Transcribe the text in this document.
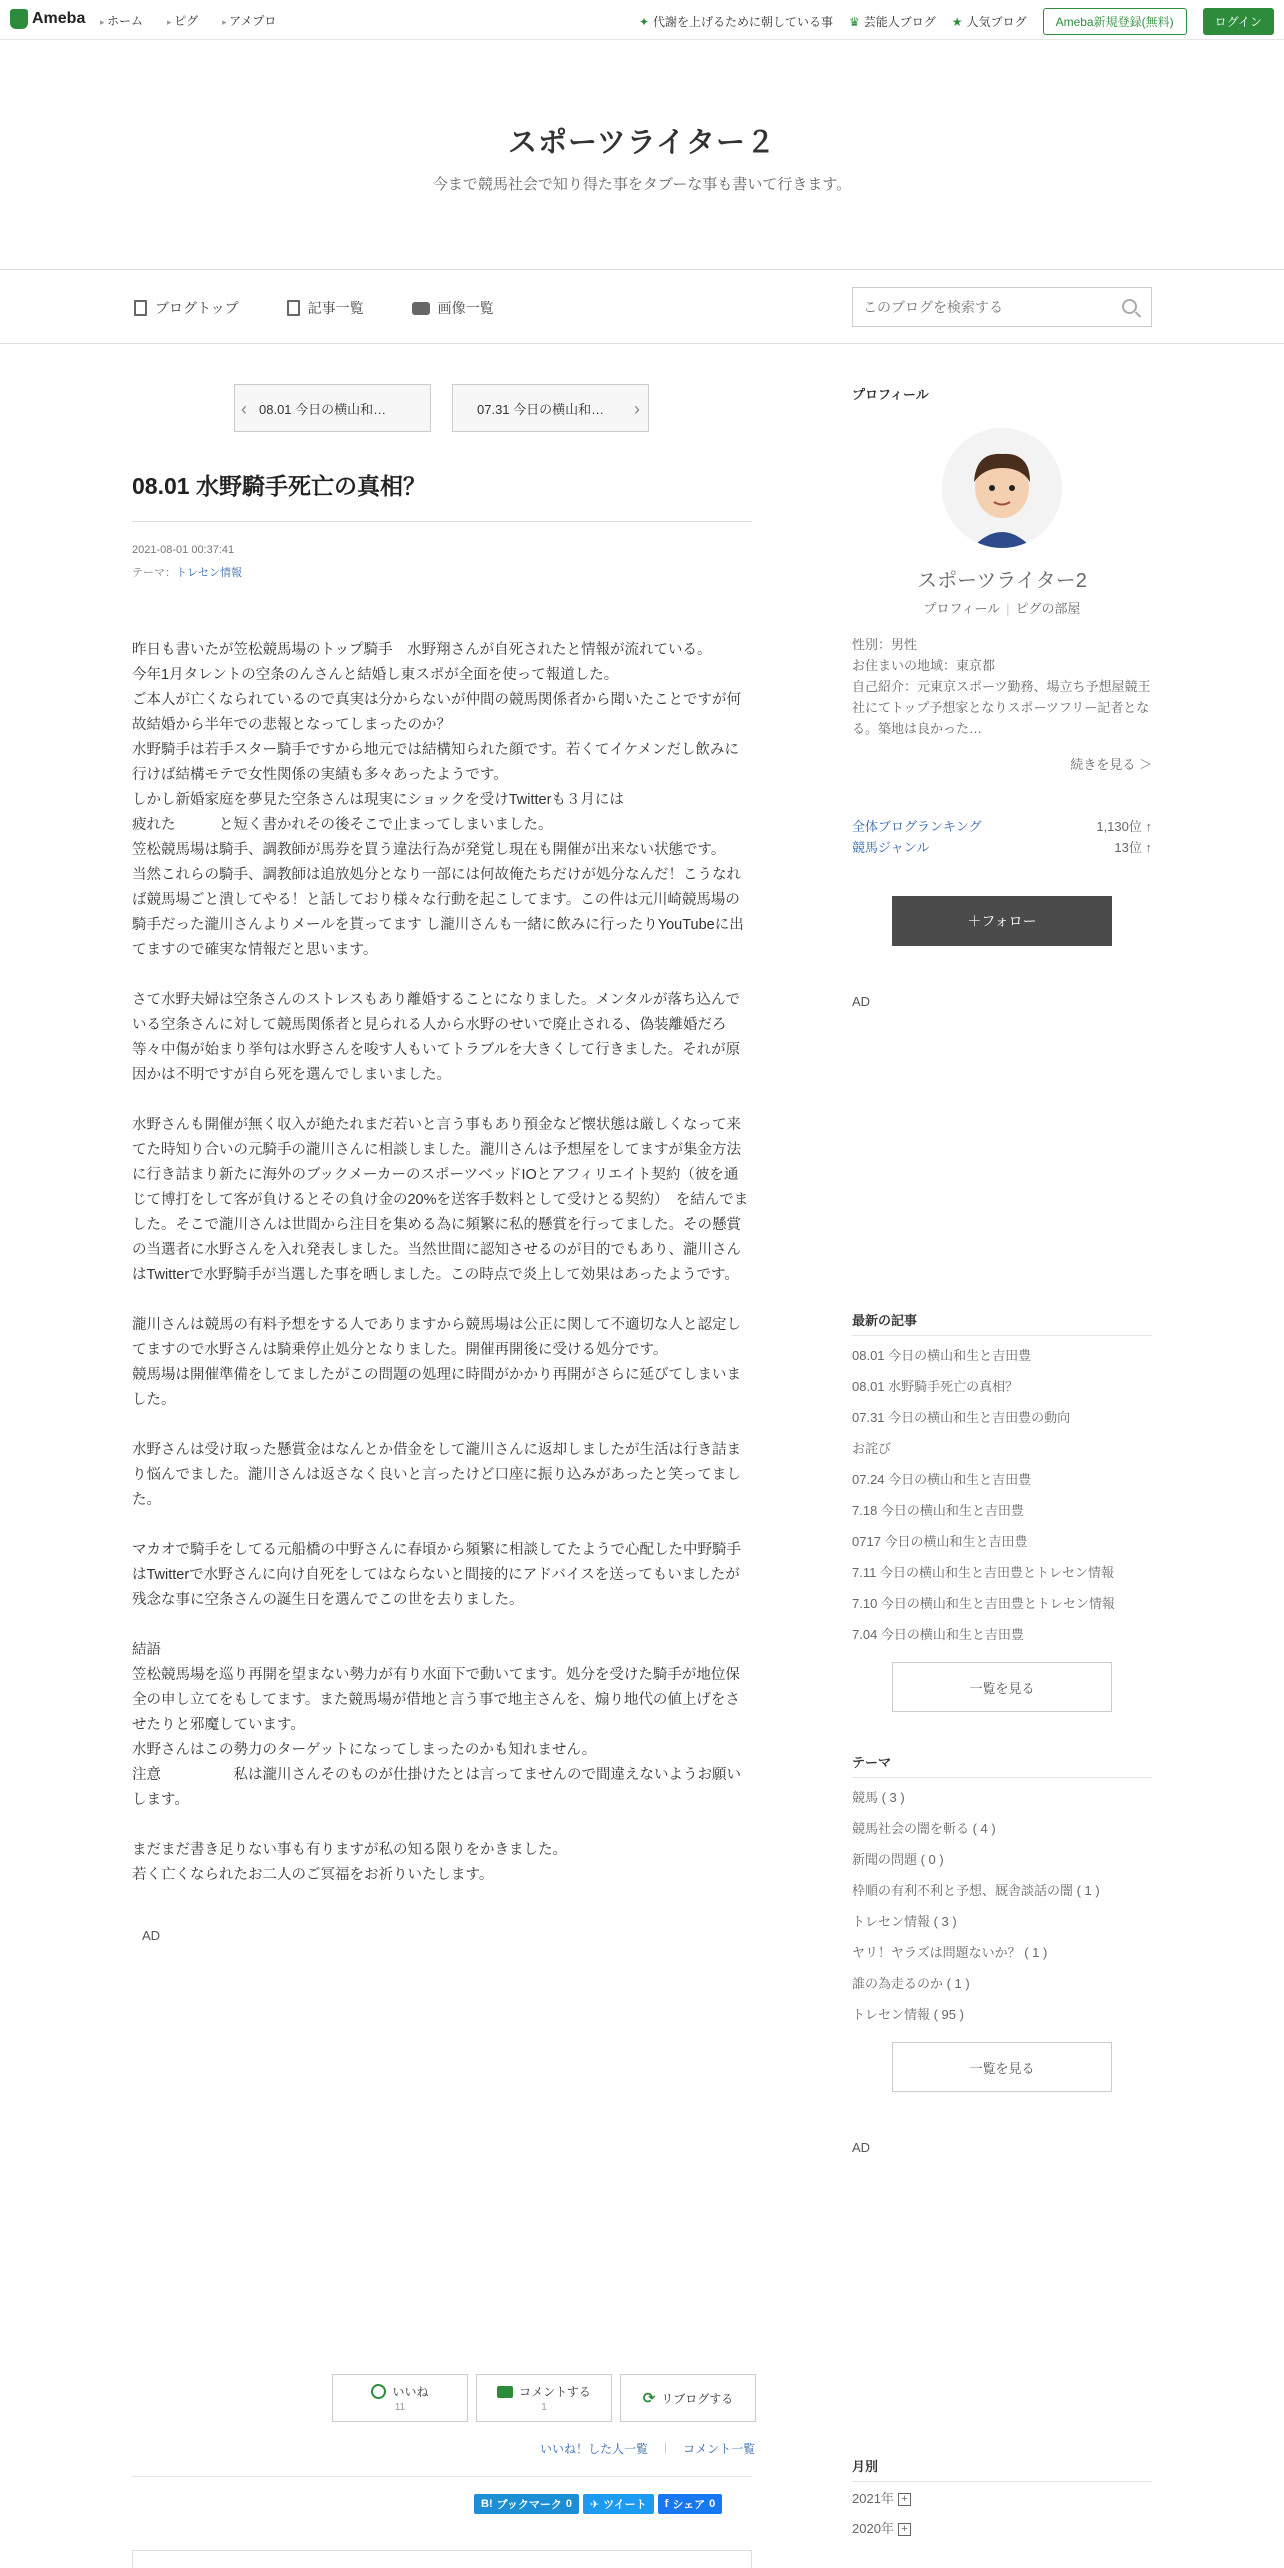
Ameba	▸ ホーム	▸ ピグ	▸ アメプロ	✦ 代謝を上げるために朝している事 ♛ 芸能人ブログ ★ 人気ブログ	Ameba新規登録(無料)	ログイン
スポーツライター２
今まで競馬社会で知り得た事をタブーな事も書いて行きます。
ブログトップ	記事一覧	画像一覧
このブログを検索する
‹ 08.01 今日の横山和…	07.31 今日の横山和… ›
08.01 水野騎手死亡の真相？
2021-08-01 00:37:41
テーマ：トレセン情報

昨日も書いたが笠松競馬場のトップ騎手　水野翔さんが自死されたと情報が流れている。

今年1月タレントの空条のんさんと結婚し東スポが全面を使って報道した。

ご本人が亡くなられているので真実は分からないが仲間の競馬関係者から聞いたことですが何故結婚から半年での悲報となってしまったのか？

水野騎手は若手スター騎手ですから地元では結構知られた顔です。若くてイケメンだし飲みに行けば結構モテで女性関係の実績も多々あったようです。

しかし新婚家庭を夢見た空条さんは現実にショックを受けTwitterも３月には

疲れた　　　と短く書かれその後そこで止まってしまいました。

笠松競馬場は騎手、調教師が馬券を買う違法行為が発覚し現在も開催が出来ない状態です。

当然これらの騎手、調教師は追放処分となり一部には何故俺たちだけが処分なんだ！こうなれば競馬場ごと潰してやる！と話しており様々な行動を起こしてます。この件は元川崎競馬場の騎手だった瀧川さんよりメールを貰ってます し瀧川さんも一緒に飲みに行ったりYouTubeに出てますので確実な情報だと思います。

さて水野夫婦は空条さんのストレスもあり離婚することになりました。メンタルが落ち込んでいる空条さんに対して競馬関係者と見られる人から水野のせいで廃止される、偽装離婚だろ等々中傷が始まり挙句は水野さんを唆す人もいてトラブルを大きくして行きました。それが原因かは不明ですが自ら死を選んでしまいました。

水野さんも開催が無く収入が絶たれまだ若いと言う事もあり預金など懐状態は厳しくなって来てた時知り合いの元騎手の瀧川さんに相談しました。瀧川さんは予想屋をしてますが集金方法に行き詰まり新たに海外のブックメーカーのスポーツベッドIOとアフィリエイト契約（彼を通じて博打をして客が負けるとその負け金の20%を送客手数料として受けとる契約）　を結んでました。そこで瀧川さんは世間から注目を集める為に頻繁に私的懸賞を行ってました。その懸賞の当選者に水野さんを入れ発表しました。当然世間に認知させるのが目的でもあり、瀧川さんはTwitterで水野騎手が当選した事を晒しました。この時点で炎上して効果はあったようです。

瀧川さんは競馬の有料予想をする人でありますから競馬場は公正に関して不適切な人と認定してますので水野さんは騎乗停止処分となりました。開催再開後に受ける処分です。

競馬場は開催準備をしてましたがこの問題の処理に時間がかかり再開がさらに延びてしまいました。

水野さんは受け取った懸賞金はなんとか借金をして瀧川さんに返却しましたが生活は行き詰まり悩んでました。瀧川さんは返さなく良いと言ったけど口座に振り込みがあったと笑ってました。

マカオで騎手をしてる元船橋の中野さんに春頃から頻繁に相談してたようで心配した中野騎手はTwitterで水野さんに向け自死をしてはならないと間接的にアドバイスを送ってもいましたが残念な事に空条さんの誕生日を選んでこの世を去りました。

結語

笠松競馬場を巡り再開を望まない勢力が有り水面下で動いてます。処分を受けた騎手が地位保全の申し立てをもしてます。また競馬場が借地と言う事で地主さんを、煽り地代の値上げをさせたりと邪魔しています。

水野さんはこの勢力のターゲットになってしまったのかも知れません。

注意　　　　　私は瀧川さんそのものが仕掛けたとは言ってませんので間違えないようお願いします。

まだまだ書き足りない事も有りますが私の知る限りをかきました。

若く亡くなられたお二人のご冥福をお祈りいたします。

AD
いいね
11
コメントする
1
⟳ リブログする
いいね！した人一覧 | コメント一覧
B! ブックマーク 0 ✈ ツイート f シェア 0
プロフィール
スポーツライター2
プロフィール | ピグの部屋
性別：男性
お住まいの地域：東京都
自己紹介：元東京スポーツ勤務、場立ち予想屋競王社にてトップ予想家となりスポーツフリー記者となる。築地は良かった…
続きを見る ＞
全体ブログランキング	1,130位 ↑
競馬ジャンル	13位 ↑
＋フォロー
AD
最新の記事
08.01 今日の横山和生と吉田豊
08.01 水野騎手死亡の真相？
07.31 今日の横山和生と吉田豊の動向
お詫び
07.24 今日の横山和生と吉田豊
7.18 今日の横山和生と吉田豊
0717 今日の横山和生と吉田豊
7.11 今日の横山和生と吉田豊とトレセン情報
7.10 今日の横山和生と吉田豊とトレセン情報
7.04 今日の横山和生と吉田豊
一覧を見る
テーマ
競馬 ( 3 )
競馬社会の闇を斬る ( 4 )
新聞の問題 ( 0 )
枠順の有利不利と予想、厩舎談話の闇 ( 1 )
トレセン情報 ( 3 )
ヤリ！ヤラズは問題ないか？ ( 1 )
誰の為走るのか ( 1 )
トレセン情報 ( 95 )
一覧を見る
AD
月別
2021年 +
2020年 +
